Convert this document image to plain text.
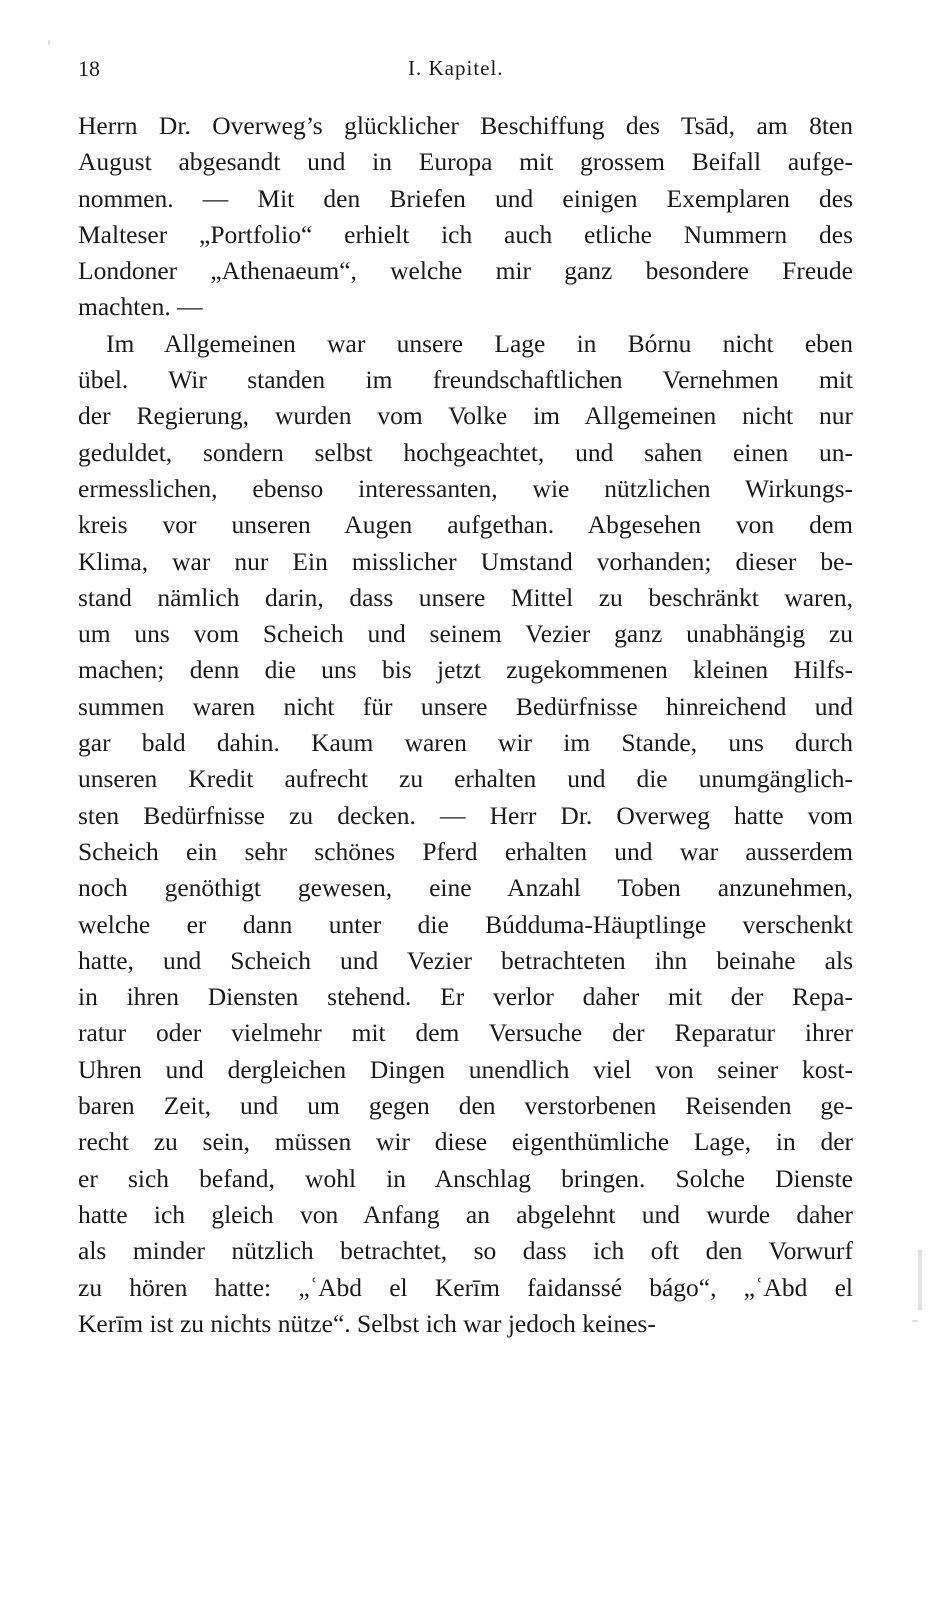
18	I. Kapitel.
Herrn Dr. Overweg’s glücklicher Beschiffung des Tsād, am 8ten
August abgesandt und in Europa mit grossem Beifall aufge-
nommen. — Mit den Briefen und einigen Exemplaren des
Malteser „Portfolio“ erhielt ich auch etliche Nummern des
Londoner „Athenaeum“, welche mir ganz besondere Freude
machten. —
Im Allgemeinen war unsere Lage in Bórnu nicht eben
übel. Wir standen im freundschaftlichen Vernehmen mit
der Regierung, wurden vom Volke im Allgemeinen nicht nur
geduldet, sondern selbst hochgeachtet, und sahen einen un-
ermesslichen, ebenso interessanten, wie nützlichen Wirkungs-
kreis vor unseren Augen aufgethan. Abgesehen von dem
Klima, war nur Ein misslicher Umstand vorhanden; dieser be-
stand nämlich darin, dass unsere Mittel zu beschränkt waren,
um uns vom Scheich und seinem Vezier ganz unabhängig zu
machen; denn die uns bis jetzt zugekommenen kleinen Hilfs-
summen waren nicht für unsere Bedürfnisse hinreichend und
gar bald dahin. Kaum waren wir im Stande, uns durch
unseren Kredit aufrecht zu erhalten und die unumgänglich-
sten Bedürfnisse zu decken. — Herr Dr. Overweg hatte vom
Scheich ein sehr schönes Pferd erhalten und war ausserdem
noch genöthigt gewesen, eine Anzahl Toben anzunehmen,
welche er dann unter die Búdduma-Häuptlinge verschenkt
hatte, und Scheich und Vezier betrachteten ihn beinahe als
in ihren Diensten stehend. Er verlor daher mit der Repa-
ratur oder vielmehr mit dem Versuche der Reparatur ihrer
Uhren und dergleichen Dingen unendlich viel von seiner kost-
baren Zeit, und um gegen den verstorbenen Reisenden ge-
recht zu sein, müssen wir diese eigenthümliche Lage, in der
er sich befand, wohl in Anschlag bringen. Solche Dienste
hatte ich gleich von Anfang an abgelehnt und wurde daher
als minder nützlich betrachtet, so dass ich oft den Vorwurf
zu hören hatte: „ʿAbd el Kerīm faidanssé bágo“, „ʿAbd el
Kerīm ist zu nichts nütze“. Selbst ich war jedoch keines-
